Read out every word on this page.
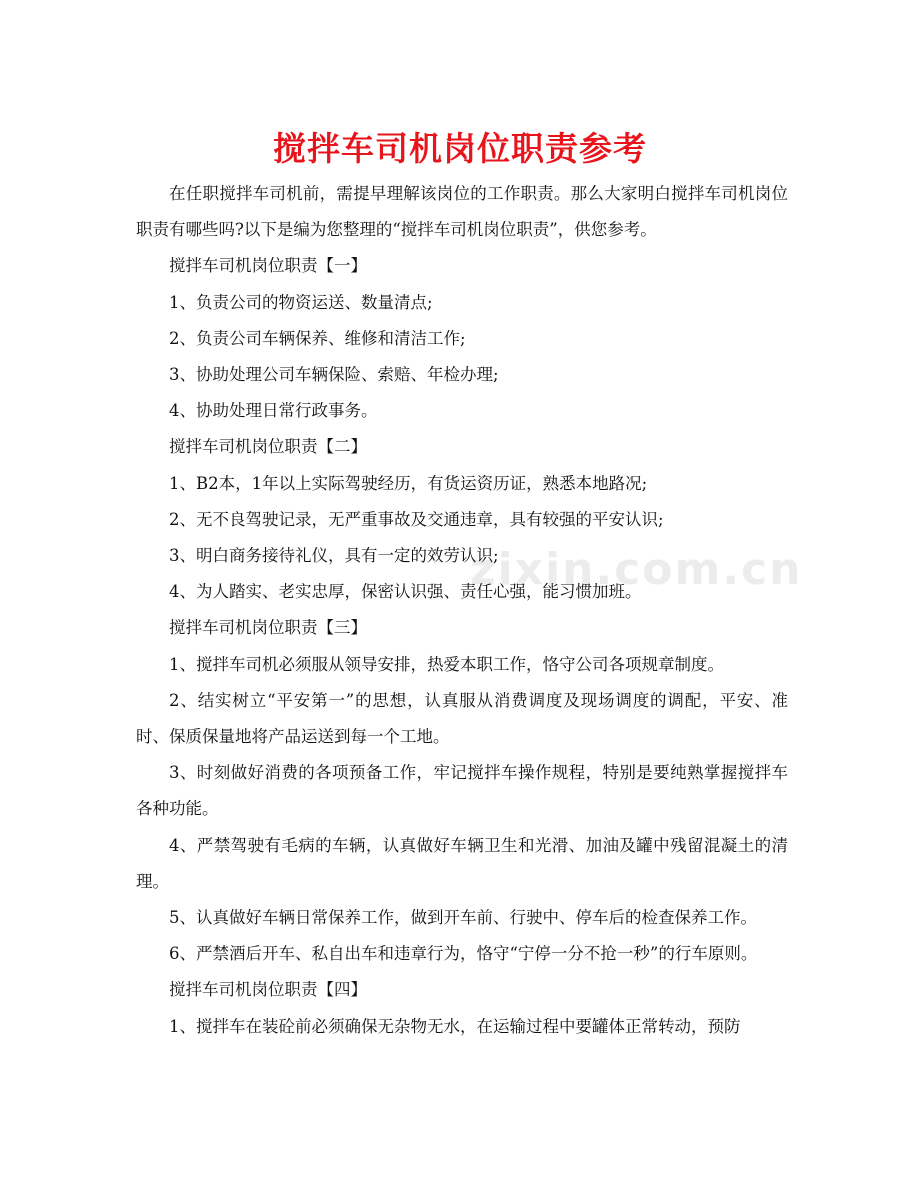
搅拌车司机岗位职责参考

在任职搅拌车司机前，需提早理解该岗位的工作职责。那么大家明白搅拌车司机岗位职责有哪些吗?以下是编为您整理的“搅拌车司机岗位职责”，供您参考。

搅拌车司机岗位职责【一】

1、负责公司的物资运送、数量清点;

2、负责公司车辆保养、维修和清洁工作;

3、协助处理公司车辆保险、索赔、年检办理;

4、协助处理日常行政事务。

搅拌车司机岗位职责【二】

1、B2本，1年以上实际驾驶经历，有货运资历证，熟悉本地路况;

2、无不良驾驶记录，无严重事故及交通违章，具有较强的平安认识;

3、明白商务接待礼仪，具有一定的效劳认识;

4、为人踏实、老实忠厚，保密认识强、责任心强，能习惯加班。

搅拌车司机岗位职责【三】

1、搅拌车司机必须服从领导安排，热爱本职工作，恪守公司各项规章制度。

2、结实树立“平安第一”的思想，认真服从消费调度及现场调度的调配，平安、准时、保质保量地将产品运送到每一个工地。

3、时刻做好消费的各项预备工作，牢记搅拌车操作规程，特别是要纯熟掌握搅拌车各种功能。

4、严禁驾驶有毛病的车辆，认真做好车辆卫生和光滑、加油及罐中残留混凝土的清理。

5、认真做好车辆日常保养工作，做到开车前、行驶中、停车后的检查保养工作。

6、严禁酒后开车、私自出车和违章行为，恪守“宁停一分不抢一秒”的行车原则。

搅拌车司机岗位职责【四】

1、搅拌车在装砼前必须确保无杂物无水，在运输过程中要罐体正常转动，预防

zixin.com.cn
